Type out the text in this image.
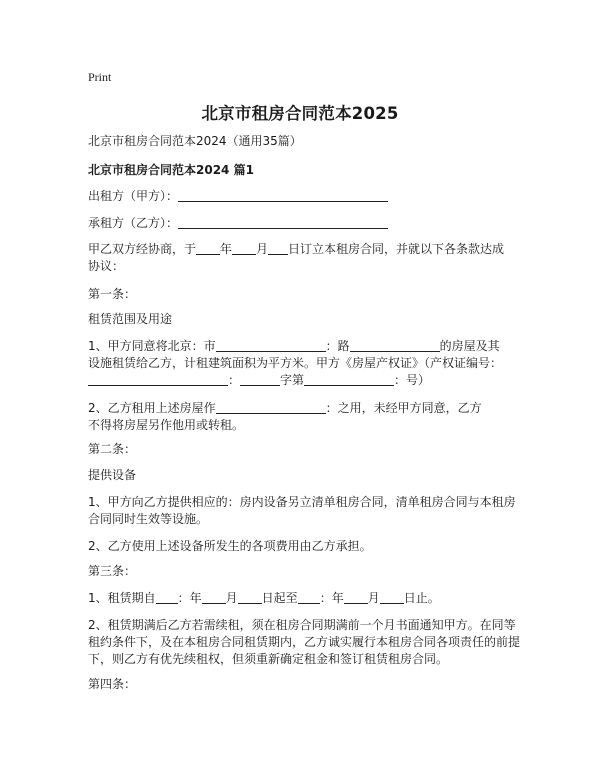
Print
北京市租房合同范本2025
北京市租房合同范本2024（通用35篇）
北京市租房合同范本2024 篇1
出租方（甲方）：
承租方（乙方）：
甲乙双方经协商，于 年 月 日订立本租房合同，并就以下各条款达成
协议：
第一条：
租赁范围及用途
1、甲方同意将北京：市	：路	的房屋及其
设施租赁给乙方，计租建筑面积为平方米。甲方《房屋产权证》（产权证编号：
：	字第	：号）
2、乙方租用上述房屋作	：之用，未经甲方同意，乙方
不得将房屋另作他用或转租。
第二条：
提供设备
1、甲方向乙方提供相应的：房内设备另立清单租房合同，清单租房合同与本租房
合同同时生效等设施。
2、乙方使用上述设备所发生的各项费用由乙方承担。
第三条：
1、租赁期自 ：年 月 日起至 ：年 月 日止。
2、租赁期满后乙方若需续租，须在租房合同期满前一个月书面通知甲方。在同等
租约条件下，及在本租房合同租赁期内，乙方诚实履行本租房合同各项责任的前提
下，则乙方有优先续租权，但须重新确定租金和签订租赁租房合同。
第四条：
